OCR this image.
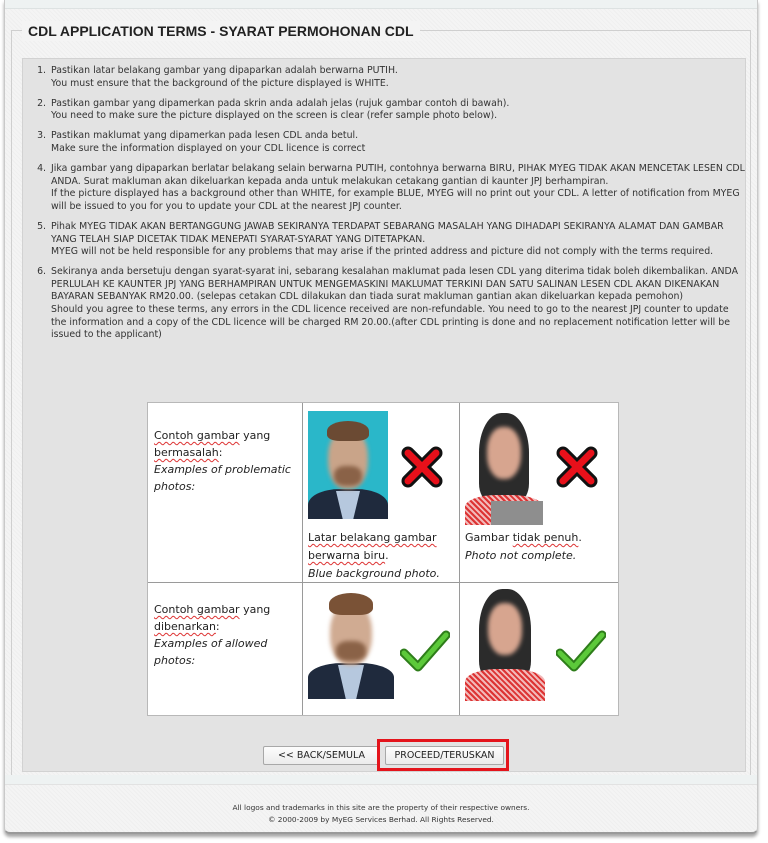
CDL APPLICATION TERMS - SYARAT PERMOHONAN CDL
1. Pastikan latar belakang gambar yang dipaparkan adalah berwarna PUTIH.
You must ensure that the background of the picture displayed is WHITE.
2. Pastikan gambar yang dipamerkan pada skrin anda adalah jelas (rujuk gambar contoh di bawah).
You need to make sure the picture displayed on the screen is clear (refer sample photo below).
3. Pastikan maklumat yang dipamerkan pada lesen CDL anda betul.
Make sure the information displayed on your CDL licence is correct
4. Jika gambar yang dipaparkan berlatar belakang selain berwarna PUTIH, contohnya berwarna BIRU, PIHAK MYEG TIDAK AKAN MENCETAK LESEN CDL ANDA. Surat makluman akan dikeluarkan kepada anda untuk melakukan cetakang gantian di kaunter JPJ berhampiran.
If the picture displayed has a background other than WHITE, for example BLUE, MYEG will no print out your CDL. A letter of notification from MYEG will be issued to you for you to update your CDL at the nearest JPJ counter.
5. Pihak MYEG TIDAK AKAN BERTANGGUNG JAWAB SEKIRANYA TERDAPAT SEBARANG MASALAH YANG DIHADAPI SEKIRANYA ALAMAT DAN GAMBAR YANG TELAH SIAP DICETAK TIDAK MENEPATI SYARAT-SYARAT YANG DITETAPKAN.
MYEG will not be held responsible for any problems that may arise if the printed address and picture did not comply with the terms required.
6. Sekiranya anda bersetuju dengan syarat-syarat ini, sebarang kesalahan maklumat pada lesen CDL yang diterima tidak boleh dikembalikan. ANDA PERLULAH KE KAUNTER JPJ YANG BERHAMPIRAN UNTUK MENGEMASKINI MAKLUMAT TERKINI DAN SATU SALINAN LESEN CDL AKAN DIKENAKAN BAYARAN SEBANYAK RM20.00. (selepas cetakan CDL dilakukan dan tiada surat makluman gantian akan dikeluarkan kepada pemohon)
Should you agree to these terms, any errors in the CDL licence received are non-refundable. You need to go to the nearest JPJ counter to update the information and a copy of the CDL licence will be charged RM 20.00.(after CDL printing is done and no replacement notification letter will be issued to the applicant)
Contoh gambar yang
bermasalah:
Examples of problematic photos:
Latar belakang gambar
berwarna biru.
Blue background photo.
Gambar tidak penuh.
Photo not complete.
Contoh gambar yang
dibenarkan:
Examples of allowed photos:
<< BACK/SEMULA	PROCEED/TERUSKAN
All logos and trademarks in this site are the property of their respective owners.
© 2000-2009 by MyEG Services Berhad. All Rights Reserved.
